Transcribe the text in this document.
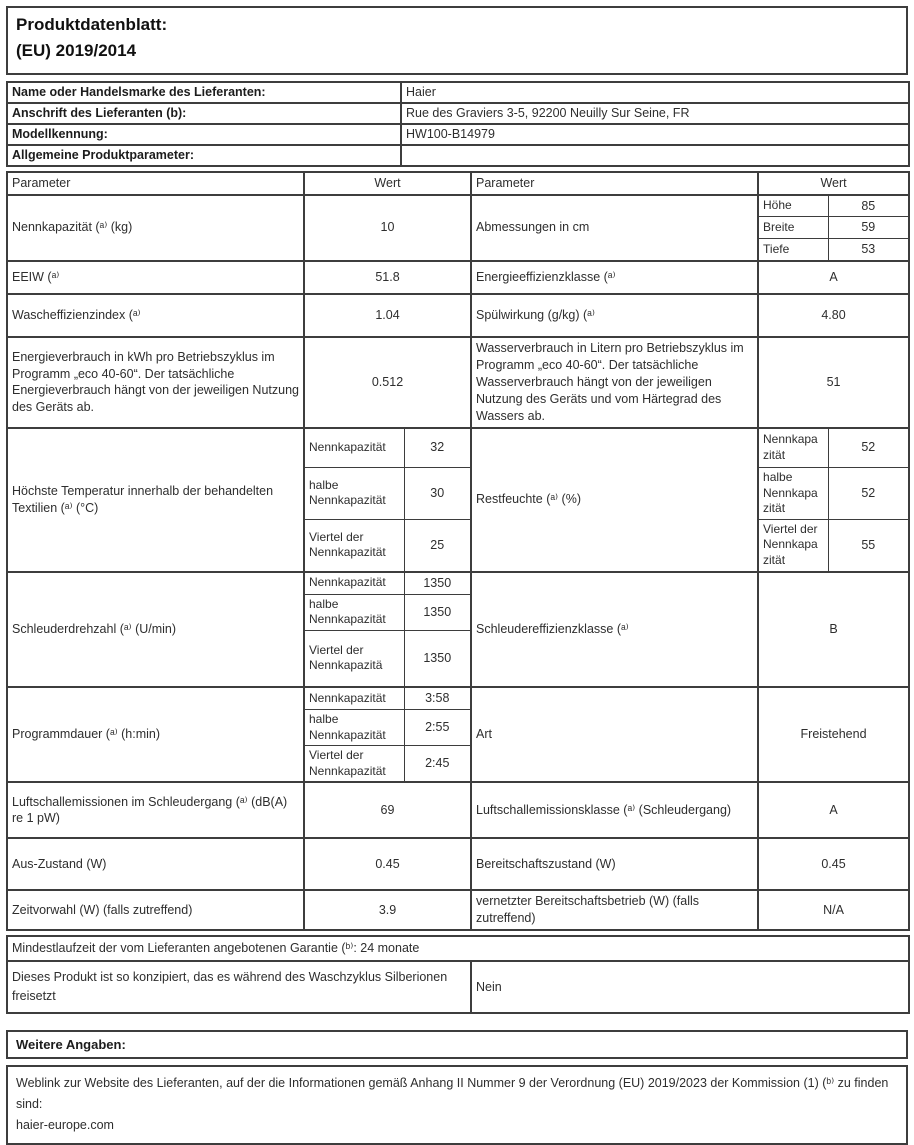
Produktdatenblatt:
(EU) 2019/2014
Name oder Handelsmarke des Lieferanten:	Haier
Anschrift des Lieferanten (b):	Rue des Graviers 3-5, 92200 Neuilly Sur Seine, FR
Modellkennung:	HW100-B14979
Allgemeine Produktparameter:	
Parameter	Wert		Parameter	Wert	
Nennkapazität (ᵃ⁾ (kg)	10		Abmessungen in cm	Höhe	85
				Breite	59
				Tiefe	53
EEIW (ᵃ⁾	51.8		Energieeffizienzklasse (ᵃ⁾	A	
Wascheffizienzindex (ᵃ⁾	1.04		Spülwirkung (g/kg) (ᵃ⁾	4.80	
Energieverbrauch in kWh pro Betriebszyklus im Programm „eco 40-60“. Der tatsächliche Energieverbrauch hängt von der jeweiligen Nutzung des Geräts ab.	0.512		Wasserverbrauch in Litern pro Betriebszyklus im Programm „eco 40-60“. Der tatsächliche Wasserverbrauch hängt von der jeweiligen Nutzung des Geräts und vom Härtegrad des Wassers ab.	51	
Höchste Temperatur innerhalb der behandelten Textilien (ᵃ⁾ (°C)	Nennkapazität	32	Restfeuchte (ᵃ⁾ (%)	Nennkapazität	52
	halbe Nennkapazität	30		halbe Nennkapazität	52
	Viertel der Nennkapazität	25		Viertel der Nennkapazität	55
Schleuderdrehzahl (ᵃ⁾ (U/min)	Nennkapazität	1350	Schleudereffizienzklasse (ᵃ⁾	B	
	halbe Nennkapazität	1350			
	Viertel der Nennkapazitä	1350			
Programmdauer (ᵃ⁾ (h:min)	Nennkapazität	3:58	Art	Freistehend	
	halbe Nennkapazität	2:55			
	Viertel der Nennkapazität	2:45			
Luftschallemissionen im Schleudergang (ᵃ⁾ (dB(A) re 1 pW)	69		Luftschallemissionsklasse (ᵃ⁾ (Schleudergang)	A	
Aus-Zustand (W)	0.45		Bereitschaftszustand (W)	0.45	
Zeitvorwahl (W) (falls zutreffend)	3.9		vernetzter Bereitschaftsbetrieb (W) (falls zutreffend)	N/A	
Mindestlaufzeit der vom Lieferanten angebotenen Garantie (ᵇ⁾: 24 monate
Dieses Produkt ist so konzipiert, das es während des Waschzyklus Silberionen freisetzt	Nein
Weitere Angaben:
Weblink zur Website des Lieferanten, auf der die Informationen gemäß Anhang II Nummer 9 der Verordnung (EU) 2019/2023 der Kommission (1) (ᵇ⁾ zu finden sind:
haier-europe.com
